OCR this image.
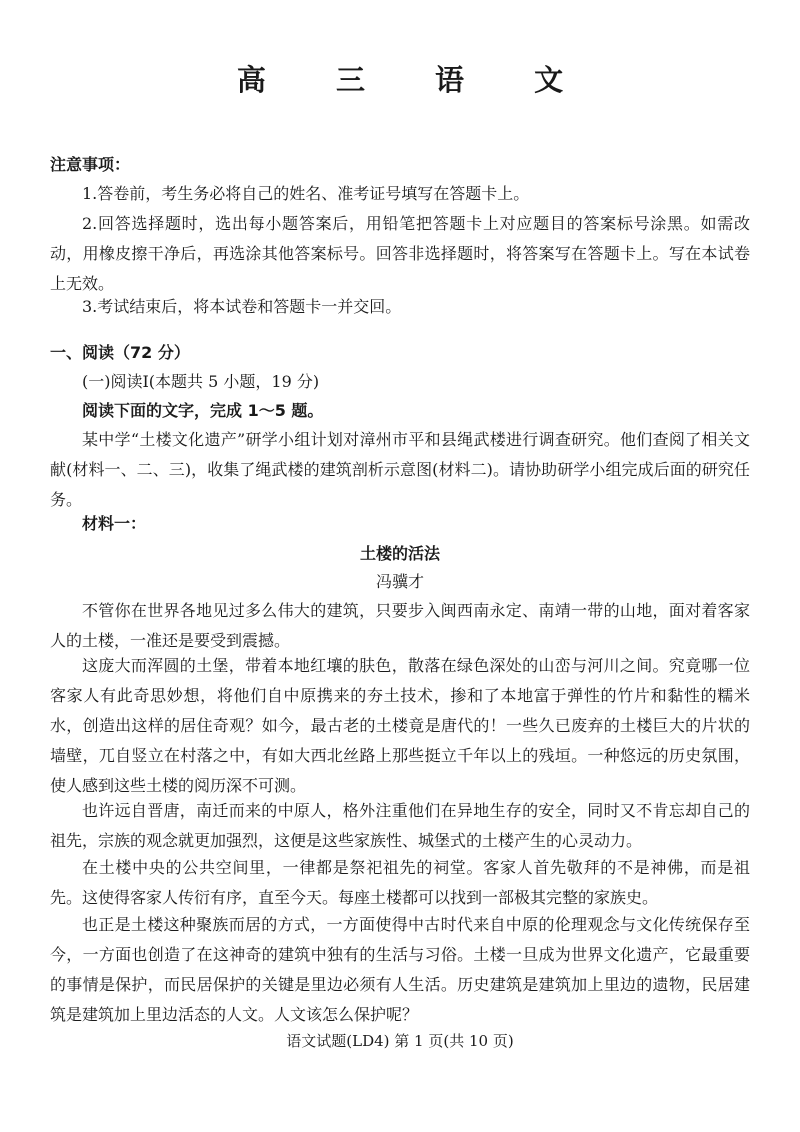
高 三 语 文

注意事项：

1.答卷前，考生务必将自己的姓名、准考证号填写在答题卡上。

2.回答选择题时，选出每小题答案后，用铅笔把答题卡上对应题目的答案标号涂黑。如需改动，用橡皮擦干净后，再选涂其他答案标号。回答非选择题时，将答案写在答题卡上。写在本试卷上无效。

3.考试结束后，将本试卷和答题卡一并交回。

一、阅读（72 分）

(一)阅读Ⅰ(本题共 5 小题，19 分)

阅读下面的文字，完成 1～5 题。

某中学“土楼文化遗产”研学小组计划对漳州市平和县绳武楼进行调查研究。他们查阅了相关文献(材料一、二、三)，收集了绳武楼的建筑剖析示意图(材料二)。请协助研学小组完成后面的研究任务。

材料一：

土楼的活法

冯骥才

不管你在世界各地见过多么伟大的建筑，只要步入闽西南永定、南靖一带的山地，面对着客家人的土楼，一准还是要受到震撼。

这庞大而浑圆的土堡，带着本地红壤的肤色，散落在绿色深处的山峦与河川之间。究竟哪一位客家人有此奇思妙想，将他们自中原携来的夯土技术，掺和了本地富于弹性的竹片和黏性的糯米水，创造出这样的居住奇观？如今，最古老的土楼竟是唐代的！一些久已废弃的土楼巨大的片状的墙壁，兀自竖立在村落之中，有如大西北丝路上那些挺立千年以上的残垣。一种悠远的历史氛围，使人感到这些土楼的阅历深不可测。

也许远自晋唐，南迁而来的中原人，格外注重他们在异地生存的安全，同时又不肯忘却自己的祖先，宗族的观念就更加强烈，这便是这些家族性、城堡式的土楼产生的心灵动力。

在土楼中央的公共空间里，一律都是祭祀祖先的祠堂。客家人首先敬拜的不是神佛，而是祖先。这使得客家人传衍有序，直至今天。每座土楼都可以找到一部极其完整的家族史。

也正是土楼这种聚族而居的方式，一方面使得中古时代来自中原的伦理观念与文化传统保存至今，一方面也创造了在这神奇的建筑中独有的生活与习俗。土楼一旦成为世界文化遗产，它最重要的事情是保护，而民居保护的关键是里边必须有人生活。历史建筑是建筑加上里边的遗物，民居建筑是建筑加上里边活态的人文。人文该怎么保护呢？

语文试题(LD4) 第 1 页(共 10 页)
